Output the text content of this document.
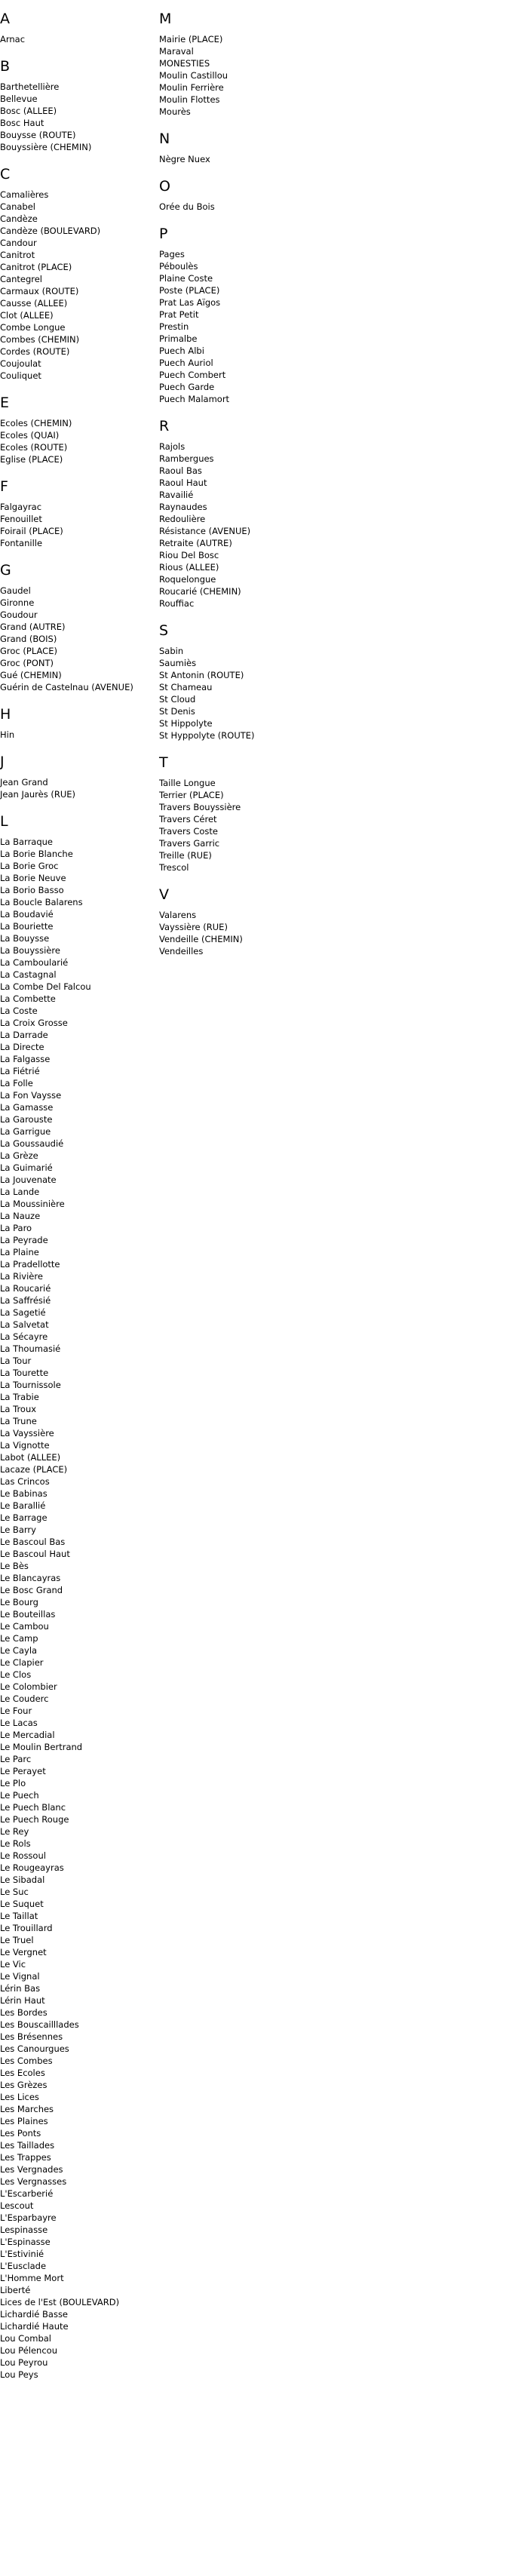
A
Arnac
B
Barthetellière
Bellevue
Bosc (ALLEE)
Bosc Haut
Bouysse (ROUTE)
Bouyssière (CHEMIN)
C
Camalières
Canabel
Candèze
Candèze (BOULEVARD)
Candour
Canitrot
Canitrot (PLACE)
Cantegrel
Carmaux (ROUTE)
Causse (ALLEE)
Clot (ALLEE)
Combe Longue
Combes (CHEMIN)
Cordes (ROUTE)
Coujoulat
Couliquet
E
Ecoles (CHEMIN)
Ecoles (QUAI)
Ecoles (ROUTE)
Eglise (PLACE)
F
Falgayrac
Fenouillet
Foirail (PLACE)
Fontanille
G
Gaudel
Gironne
Goudour
Grand (AUTRE)
Grand (BOIS)
Groc (PLACE)
Groc (PONT)
Gué (CHEMIN)
Guérin de Castelnau (AVENUE)
H
Hin
J
Jean Grand
Jean Jaurès (RUE)
L
La Barraque
La Borie Blanche
La Borie Groc
La Borie Neuve
La Borio Basso
La Boucle Balarens
La Boudavié
La Bouriette
La Bouysse
La Bouyssière
La Camboularié
La Castagnal
La Combe Del Falcou
La Combette
La Coste
La Croix Grosse
La Darrade
La Directe
La Falgasse
La Fiétrié
La Folle
La Fon Vaysse
La Gamasse
La Garouste
La Garrigue
La Goussaudié
La Grèze
La Guimarié
La Jouvenate
La Lande
La Moussinière
La Nauze
La Paro
La Peyrade
La Plaine
La Pradellotte
La Rivière
La Roucarié
La Saffrésié
La Sagetié
La Salvetat
La Sécayre
La Thoumasié
La Tour
La Tourette
La Tournissole
La Trabie
La Troux
La Trune
La Vayssière
La Vignotte
Labot (ALLEE)
Lacaze (PLACE)
Las Crincos
Le Babinas
Le Barallié
Le Barrage
Le Barry
Le Bascoul Bas
Le Bascoul Haut
Le Bès
Le Blancayras
Le Bosc Grand
Le Bourg
Le Bouteillas
Le Cambou
Le Camp
Le Cayla
Le Clapier
Le Clos
Le Colombier
Le Couderc
Le Four
Le Lacas
Le Mercadial
Le Moulin Bertrand
Le Parc
Le Perayet
Le Plo
Le Puech
Le Puech Blanc
Le Puech Rouge
Le Rey
Le Rols
Le Rossoul
Le Rougeayras
Le Sibadal
Le Suc
Le Suquet
Le Taillat
Le Trouillard
Le Truel
Le Vergnet
Le Vic
Le Vignal
Lérin Bas
Lérin Haut
Les Bordes
Les Bouscailllades
Les Brésennes
Les Canourgues
Les Combes
Les Ecoles
Les Grèzes
Les Lices
Les Marches
Les Plaines
Les Ponts
Les Taillades
Les Trappes
Les Vergnades
Les Vergnasses
L'Escarberié
Lescout
L'Esparbayre
Lespinasse
L'Espinasse
L'Estivinié
L'Eusclade
L'Homme Mort
Liberté
Lices de l'Est (BOULEVARD)
Lichardié Basse
Lichardié Haute
Lou Combal
Lou Pélencou
Lou Peyrou
Lou Peys
M
Mairie (PLACE)
Maraval
MONESTIES
Moulin Castillou
Moulin Ferrière
Moulin Flottes
Mourès
N
Nègre Nuex
O
Orée du Bois
P
Pages
Péboulès
Plaine Coste
Poste (PLACE)
Prat Las Aïgos
Prat Petit
Prestin
Primalbe
Puech Albi
Puech Auriol
Puech Combert
Puech Garde
Puech Malamort
R
Rajols
Rambergues
Raoul Bas
Raoul Haut
Ravailié
Raynaudes
Redoulière
Résistance (AVENUE)
Retraite (AUTRE)
Riou Del Bosc
Rious (ALLEE)
Roquelongue
Roucarié (CHEMIN)
Rouffiac
S
Sabin
Saumiès
St Antonin (ROUTE)
St Chameau
St Cloud
St Denis
St Hippolyte
St Hyppolyte (ROUTE)
T
Taille Longue
Terrier (PLACE)
Travers Bouyssière
Travers Céret
Travers Coste
Travers Garric
Treille (RUE)
Trescol
V
Valarens
Vayssière (RUE)
Vendeille (CHEMIN)
Vendeilles
